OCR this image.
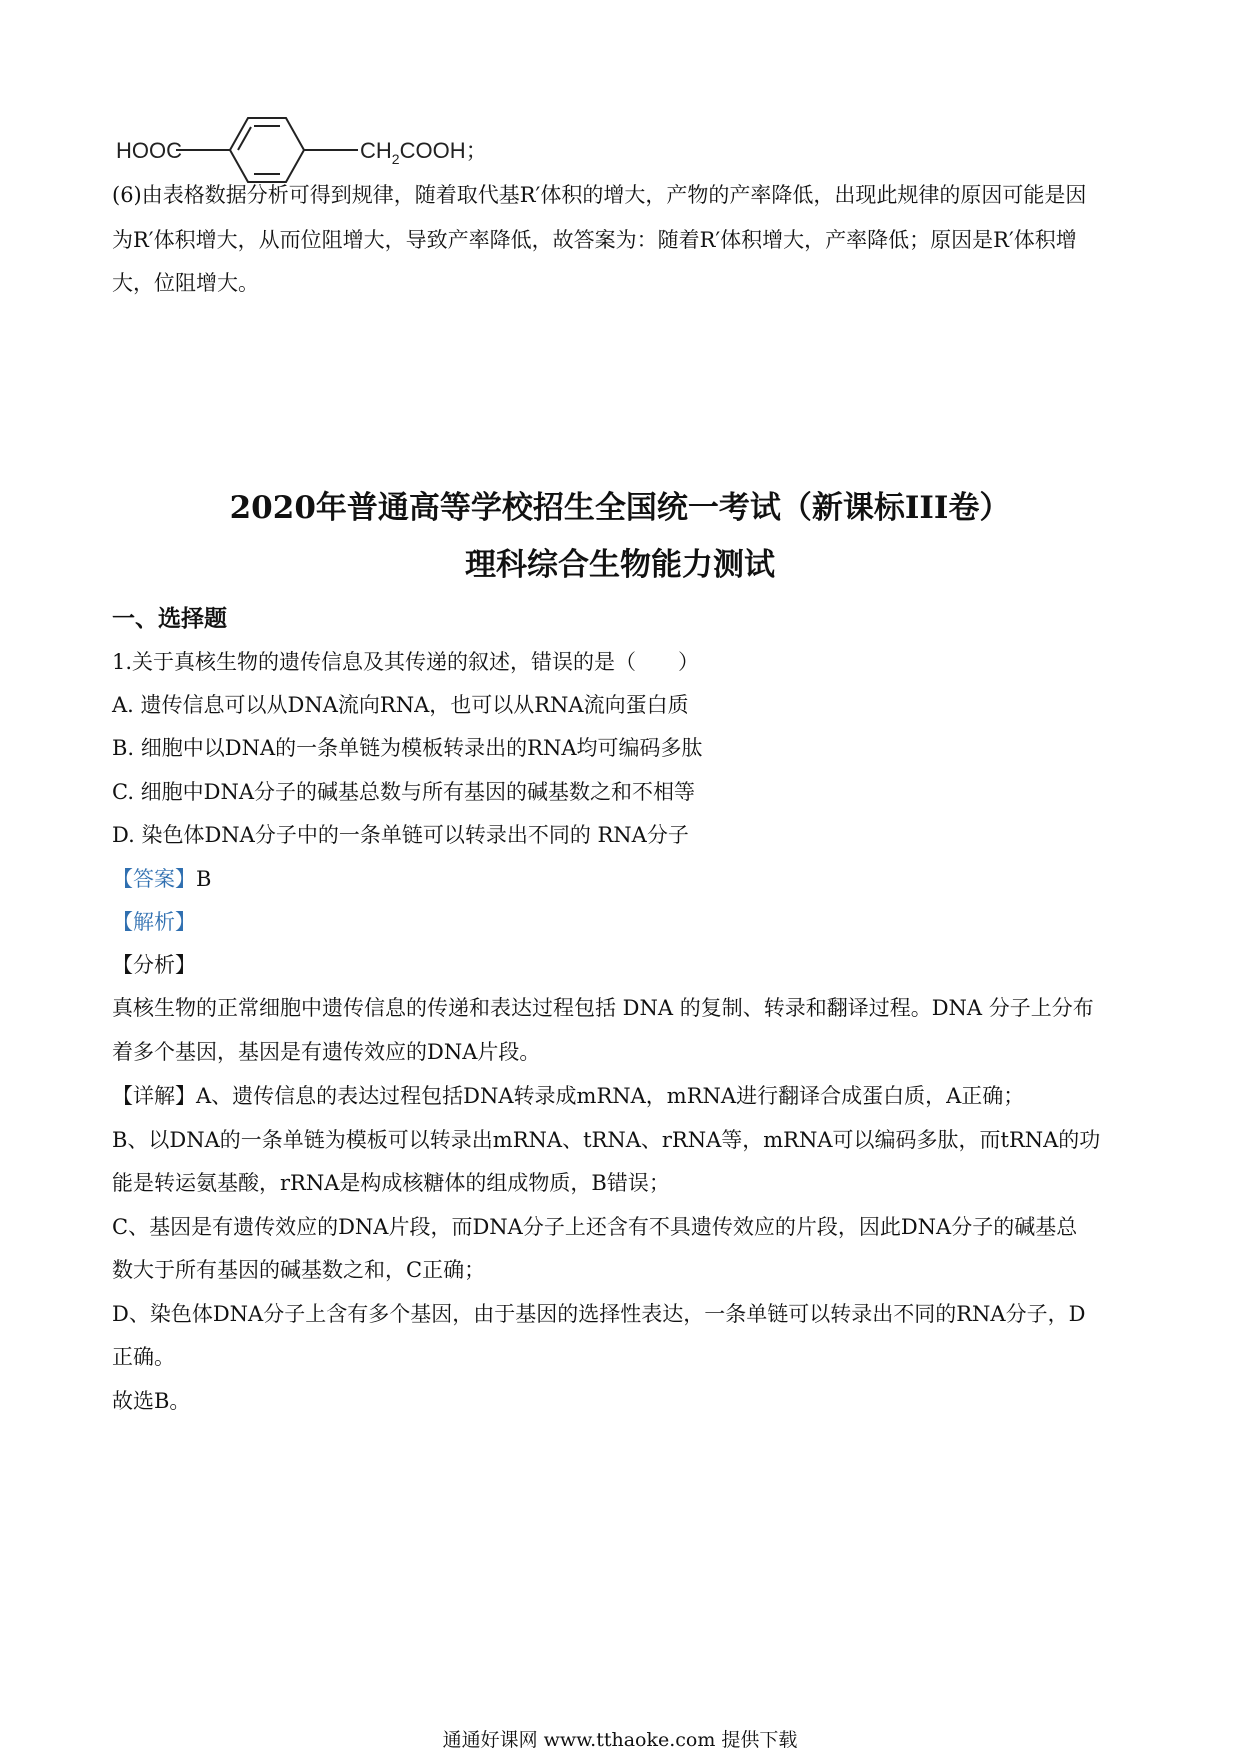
HOOC	$CH_2COOH$；
(6)由表格数据分析可得到规律，随着取代基R′体积的增大，产物的产率降低，出现此规律的原因可能是因
为R′体积增大，从而位阻增大，导致产率降低，故答案为：随着R′体积增大，产率降低；原因是R′体积增
大，位阻增大。
2020年普通高等学校招生全国统一考试（新课标III卷）
理科综合生物能力测试
一、选择题
1.关于真核生物的遗传信息及其传递的叙述，错误的是（　　）
A. 遗传信息可以从DNA流向RNA，也可以从RNA流向蛋白质
B. 细胞中以DNA的一条单链为模板转录出的RNA均可编码多肽
C. 细胞中DNA分子的碱基总数与所有基因的碱基数之和不相等
D. 染色体DNA分子中的一条单链可以转录出不同的 RNA分子
【答案】B
【解析】
【分析】
真核生物的正常细胞中遗传信息的传递和表达过程包括 DNA 的复制、转录和翻译过程。DNA 分子上分布
着多个基因，基因是有遗传效应的DNA片段。
【详解】A、遗传信息的表达过程包括DNA转录成mRNA，mRNA进行翻译合成蛋白质，A正确；
B、以DNA的一条单链为模板可以转录出mRNA、tRNA、rRNA等，mRNA可以编码多肽，而tRNA的功
能是转运氨基酸，rRNA是构成核糖体的组成物质，B错误；
C、基因是有遗传效应的DNA片段，而DNA分子上还含有不具遗传效应的片段，因此DNA分子的碱基总
数大于所有基因的碱基数之和，C正确；
D、染色体DNA分子上含有多个基因，由于基因的选择性表达，一条单链可以转录出不同的RNA分子，D
正确。
故选B。
通通好课网 www.tthaoke.com 提供下载
